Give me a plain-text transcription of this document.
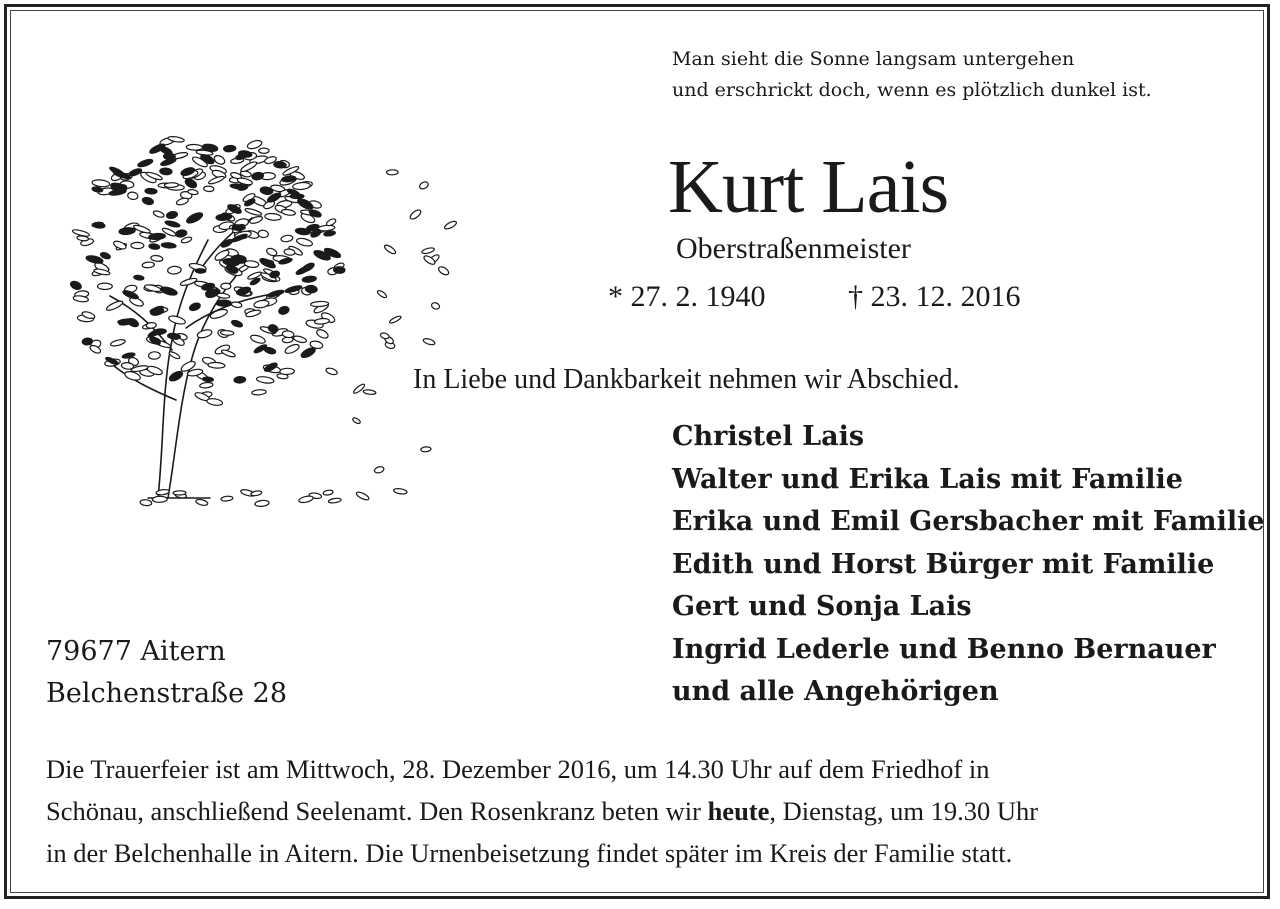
Man sieht die Sonne langsam untergehen
und erschrickt doch, wenn es plötzlich dunkel ist.
Kurt Lais
Oberstraßenmeister
* 27. 2. 1940	† 23. 12. 2016
In Liebe und Dankbarkeit nehmen wir Abschied.
Christel Lais
Walter und Erika Lais mit Familie
Erika und Emil Gersbacher mit Familie
Edith und Horst Bürger mit Familie
Gert und Sonja Lais
Ingrid Lederle und Benno Bernauer
und alle Angehörigen
79677 Aitern
Belchenstraße 28
Die Trauerfeier ist am Mittwoch, 28. Dezember 2016, um 14.30 Uhr auf dem Friedhof in
Schönau, anschließend Seelenamt. Den Rosenkranz beten wir heute, Dienstag, um 19.30 Uhr
in der Belchenhalle in Aitern. Die Urnenbeisetzung findet später im Kreis der Familie statt.
